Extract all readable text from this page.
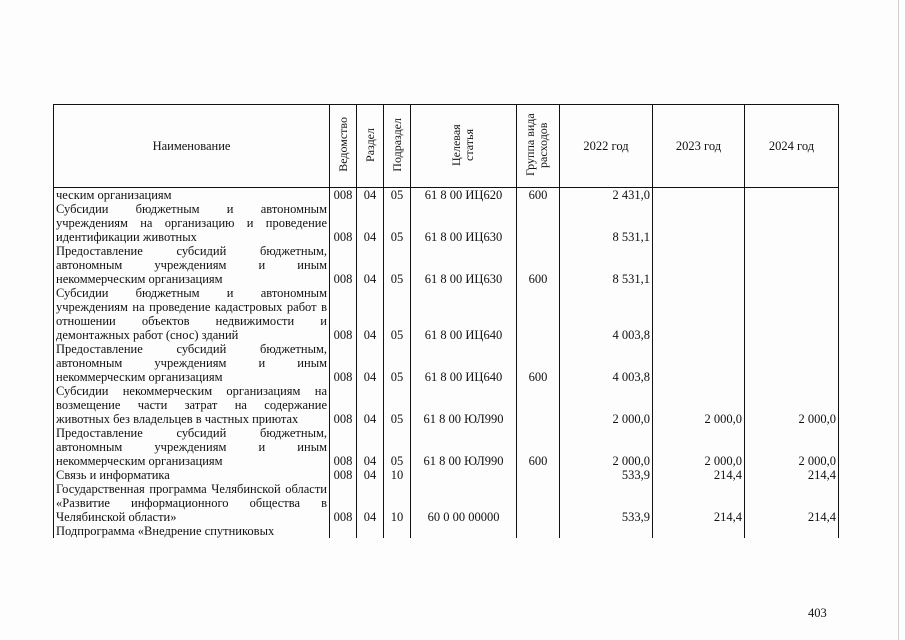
Наименование	Ведомство	Раздел	Подраздел	Целевая статья	Группа вида расходов	2022 год	2023 год	2024 год
ческим организациям	008	04	05	61 8 00 ИЦ620	600	2 431,0		
Субсидии бюджетным и автономным учреждениям на организацию и проведение идентификации животных	008	04	05	61 8 00 ИЦ630		8 531,1		
Предоставление субсидий бюджетным, автономным учреждениям и иным некоммерческим организациям	008	04	05	61 8 00 ИЦ630	600	8 531,1		
Субсидии бюджетным и автономным учреждениям на проведение кадастровых работ в отношении объектов недвижимости и демонтажных работ (снос) зданий	008	04	05	61 8 00 ИЦ640		4 003,8		
Предоставление субсидий бюджетным, автономным учреждениям и иным некоммерческим организациям	008	04	05	61 8 00 ИЦ640	600	4 003,8		
Субсидии некоммерческим организациям на возмещение части затрат на содержание животных без владельцев в частных приютах	008	04	05	61 8 00 ЮЛ990		2 000,0	2 000,0	2 000,0
Предоставление субсидий бюджетным, автономным учреждениям и иным некоммерческим организациям	008	04	05	61 8 00 ЮЛ990	600	2 000,0	2 000,0	2 000,0
Связь и информатика	008	04	10			533,9	214,4	214,4
Государственная программа Челябинской области «Развитие информационного общества в Челябинской области»	008	04	10	60 0 00 00000		533,9	214,4	214,4
Подпрограмма «Внедрение спутниковых								
403
